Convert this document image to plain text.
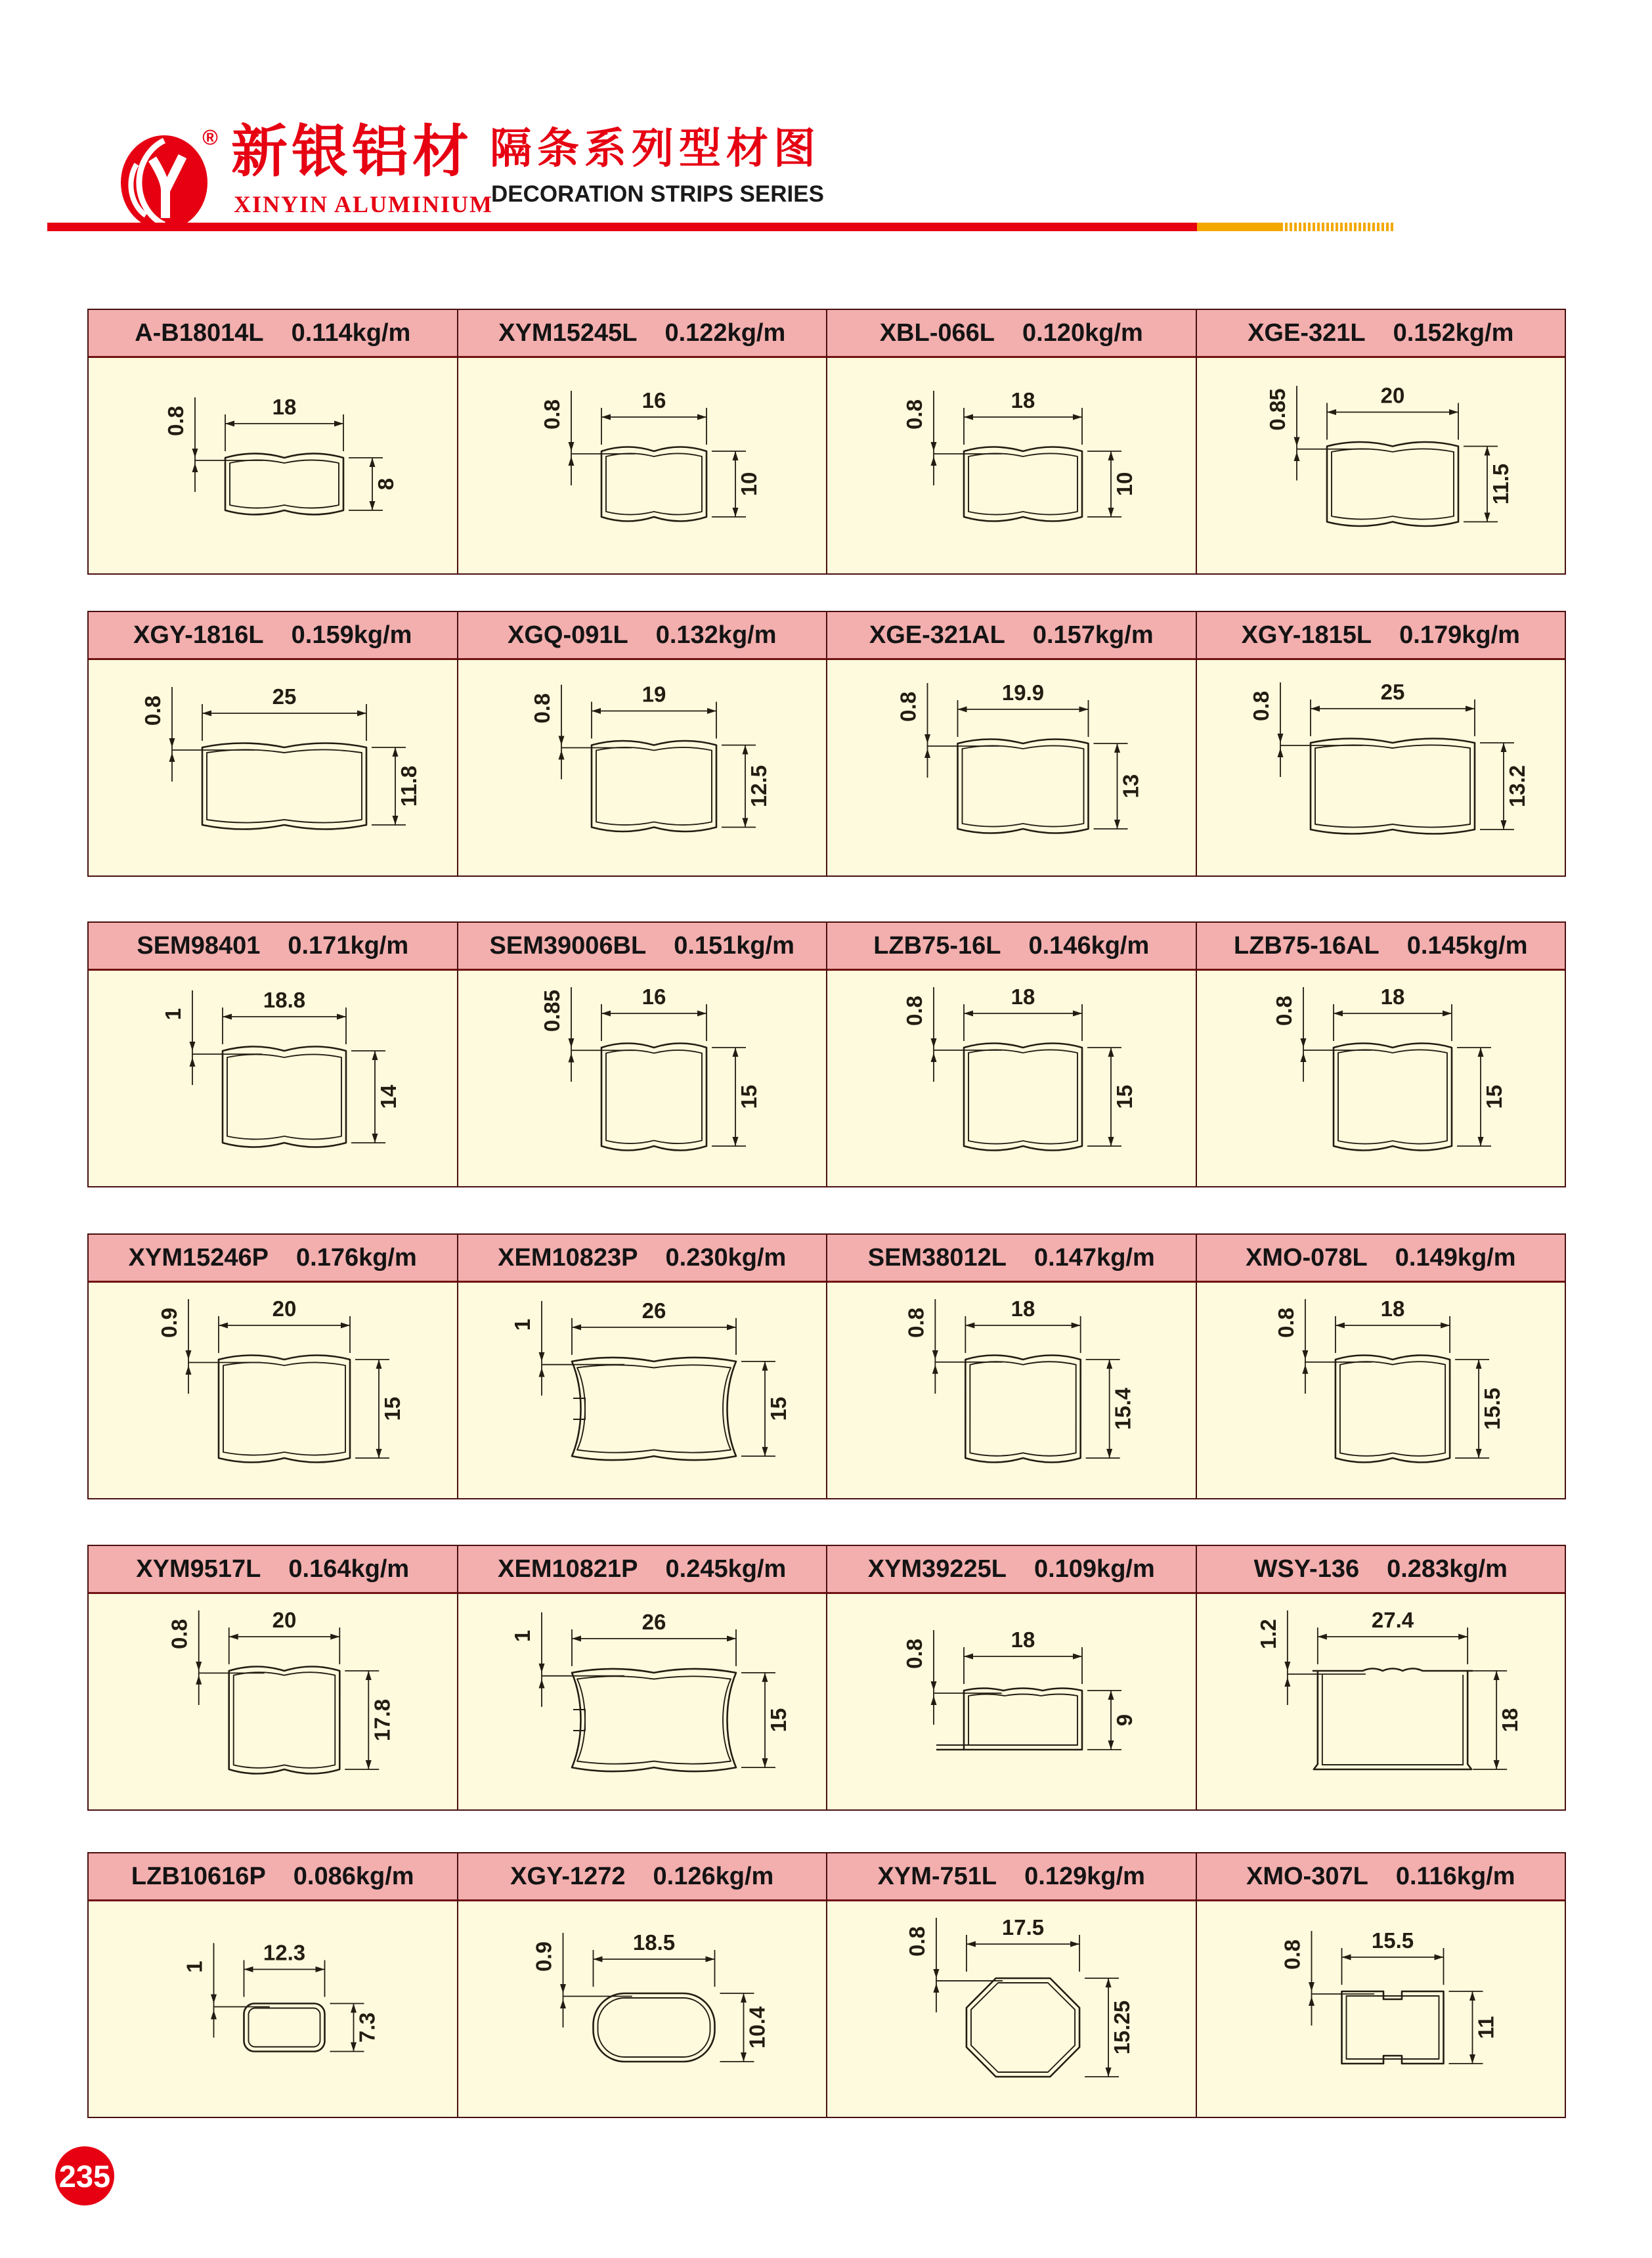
® 新银铝材
XINYIN ALUMINIUM
隔条系列型材图
DECORATION STRIPS SERIES
A-B18014L 0.114kg/m
18
0.8
8
XYM15245L 0.122kg/m
16
0.8
10
XBL-066L 0.120kg/m
18
0.8
10
XGE-321L 0.152kg/m
20
0.85
11.5
XGY-1816L 0.159kg/m
25
0.8
11.8
XGQ-091L 0.132kg/m
19
0.8
12.5
XGE-321AL 0.157kg/m
19.9
0.8
13
XGY-1815L 0.179kg/m
25
0.8
13.2
SEM98401 0.171kg/m
18.8
1
14
SEM39006BL 0.151kg/m
16
0.85
15
LZB75-16L 0.146kg/m
18
0.8
15
LZB75-16AL 0.145kg/m
18
0.8
15
XYM15246P 0.176kg/m
20
0.9
15
XEM10823P 0.230kg/m
26
1
15
SEM38012L 0.147kg/m
18
0.8
15.4
XMO-078L 0.149kg/m
18
0.8
15.5
XYM9517L 0.164kg/m
20
0.8
17.8
XEM10821P 0.245kg/m
26
1
15
XYM39225L 0.109kg/m
18
0.8
9
WSY-136 0.283kg/m
27.4
1.2
18
LZB10616P 0.086kg/m
12.3
1
7.3
XGY-1272 0.126kg/m
18.5
0.9
10.4
XYM-751L 0.129kg/m
17.5
0.8
15.25
XMO-307L 0.116kg/m
15.5
0.8
11
235
